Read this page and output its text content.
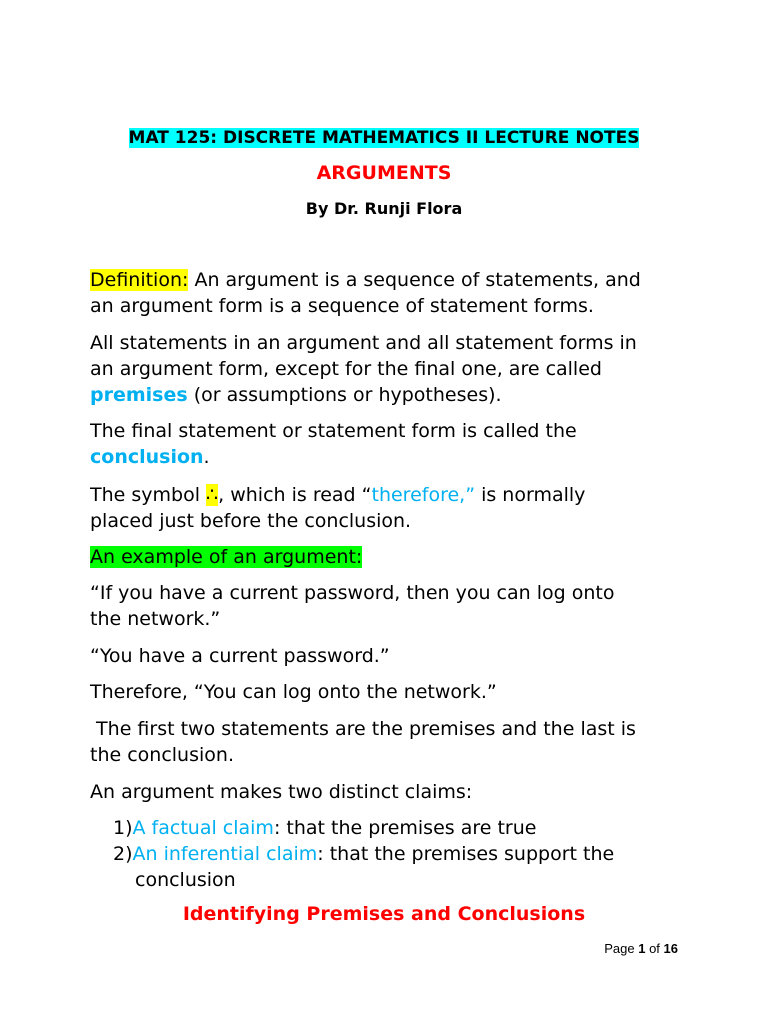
MAT 125: DISCRETE MATHEMATICS II LECTURE NOTES
ARGUMENTS
By Dr. Runji Flora
Definition: An argument is a sequence of statements, and
an argument form is a sequence of statement forms.
All statements in an argument and all statement forms in
an argument form, except for the final one, are called
premises (or assumptions or hypotheses).
The final statement or statement form is called the
conclusion.
The symbol ∴, which is read “therefore,” is normally
placed just before the conclusion.
An example of an argument:
“If you have a current password, then you can log onto
the network.”
“You have a current password.”
Therefore, “You can log onto the network.”
The first two statements are the premises and the last is
the conclusion.
An argument makes two distinct claims:
1)A factual claim: that the premises are true
2)An inferential claim: that the premises support the
conclusion
Identifying Premises and Conclusions
Page 1 of 16
